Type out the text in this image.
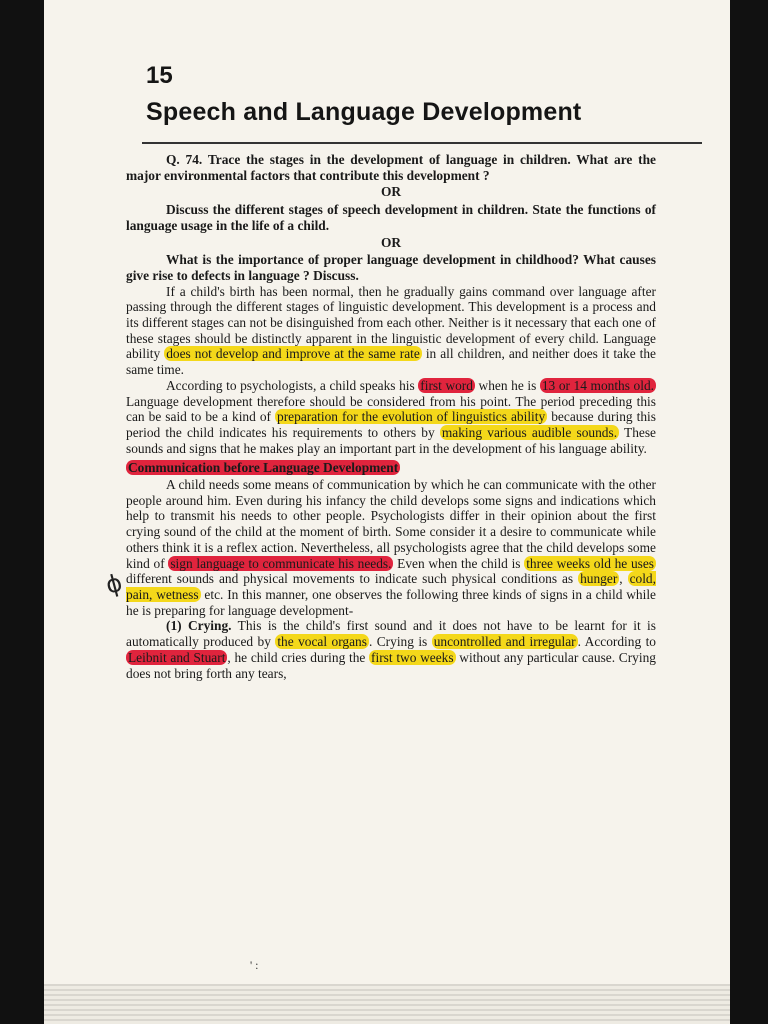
15
Speech and Language Development
ϕ

Q. 74. Trace the stages in the development of language in children. What are the major environmental factors that contribute this development ?

OR

Discuss the different stages of speech development in children. State the functions of language usage in the life of a child.

OR

What is the importance of proper language development in childhood? What causes give rise to defects in language ? Discuss.

If a child's birth has been normal, then he gradually gains command over language after passing through the different stages of linguistic development. This development is a process and its different stages can not be disinguished from each other. Neither is it necessary that each one of these stages should be distinctly apparent in the linguistic development of every child. Language ability does not develop and improve at the same rate in all children, and neither does it take the same time.

According to psychologists, a child speaks his first word when he is 13 or 14 months old. Language development therefore should be considered from his point. The period preceding this can be said to be a kind of preparation for the evolution of linguistics ability because during this period the child indicates his requirements to others by making various audible sounds. These sounds and signs that he makes play an important part in the development of his language ability.

Communication before Language Development

A child needs some means of communication by which he can communicate with the other people around him. Even during his infancy the child develops some signs and indications which help to transmit his needs to other people. Psychologists differ in their opinion about the first crying sound of the child at the moment of birth. Some consider it a desire to communicate while others think it is a reflex action. Nevertheless, all psychologists agree that the child develops some kind of sign language to communicate his needs. Even when the child is three weeks old he uses different sounds and physical movements to indicate such physical conditions as hunger , cold, pain, wetness etc. In this manner, one observes the following three kinds of signs in a child while he is preparing for language development-

(1) Crying. This is the child's first sound and it does not have to be learnt for it is automatically produced by the vocal organs . Crying is uncontrolled and irregular . According to Leibnit and Stuart , he child cries during the first two weeks without any particular cause. Crying does not bring forth any tears,

' :
